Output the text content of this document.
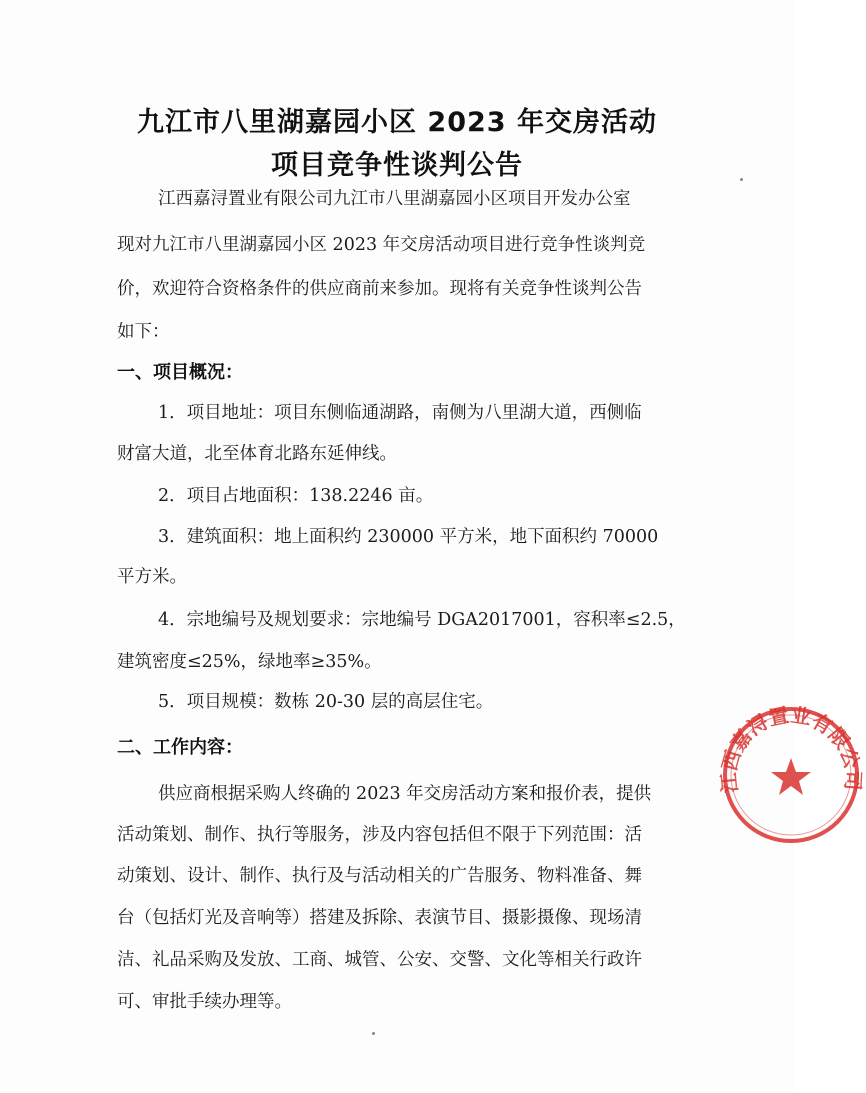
九江市八里湖嘉园小区 2023 年交房活动
项目竞争性谈判公告
江西嘉浔置业有限公司九江市八里湖嘉园小区项目开发办公室
现对九江市八里湖嘉园小区 2023 年交房活动项目进行竞争性谈判竞
价，欢迎符合资格条件的供应商前来参加。现将有关竞争性谈判公告
如下：
一、项目概况：
1．项目地址：项目东侧临通湖路，南侧为八里湖大道，西侧临
财富大道，北至体育北路东延伸线。
2．项目占地面积：138.2246 亩。
3．建筑面积：地上面积约 230000 平方米，地下面积约 70000
平方米。
4．宗地编号及规划要求：宗地编号 DGA2017001，容积率≤2.5，
建筑密度≤25%，绿地率≥35%。
5．项目规模：数栋 20-30 层的高层住宅。
二、工作内容：
供应商根据采购人终确的 2023 年交房活动方案和报价表，提供
活动策划、制作、执行等服务，涉及内容包括但不限于下列范围：活
动策划、设计、制作、执行及与活动相关的广告服务、物料准备、舞
台（包括灯光及音响等）搭建及拆除、表演节目、摄影摄像、现场清
洁、礼品采购及发放、工商、城管、公安、交警、文化等相关行政许
可、审批手续办理等。
江西嘉浔置业有限公司
